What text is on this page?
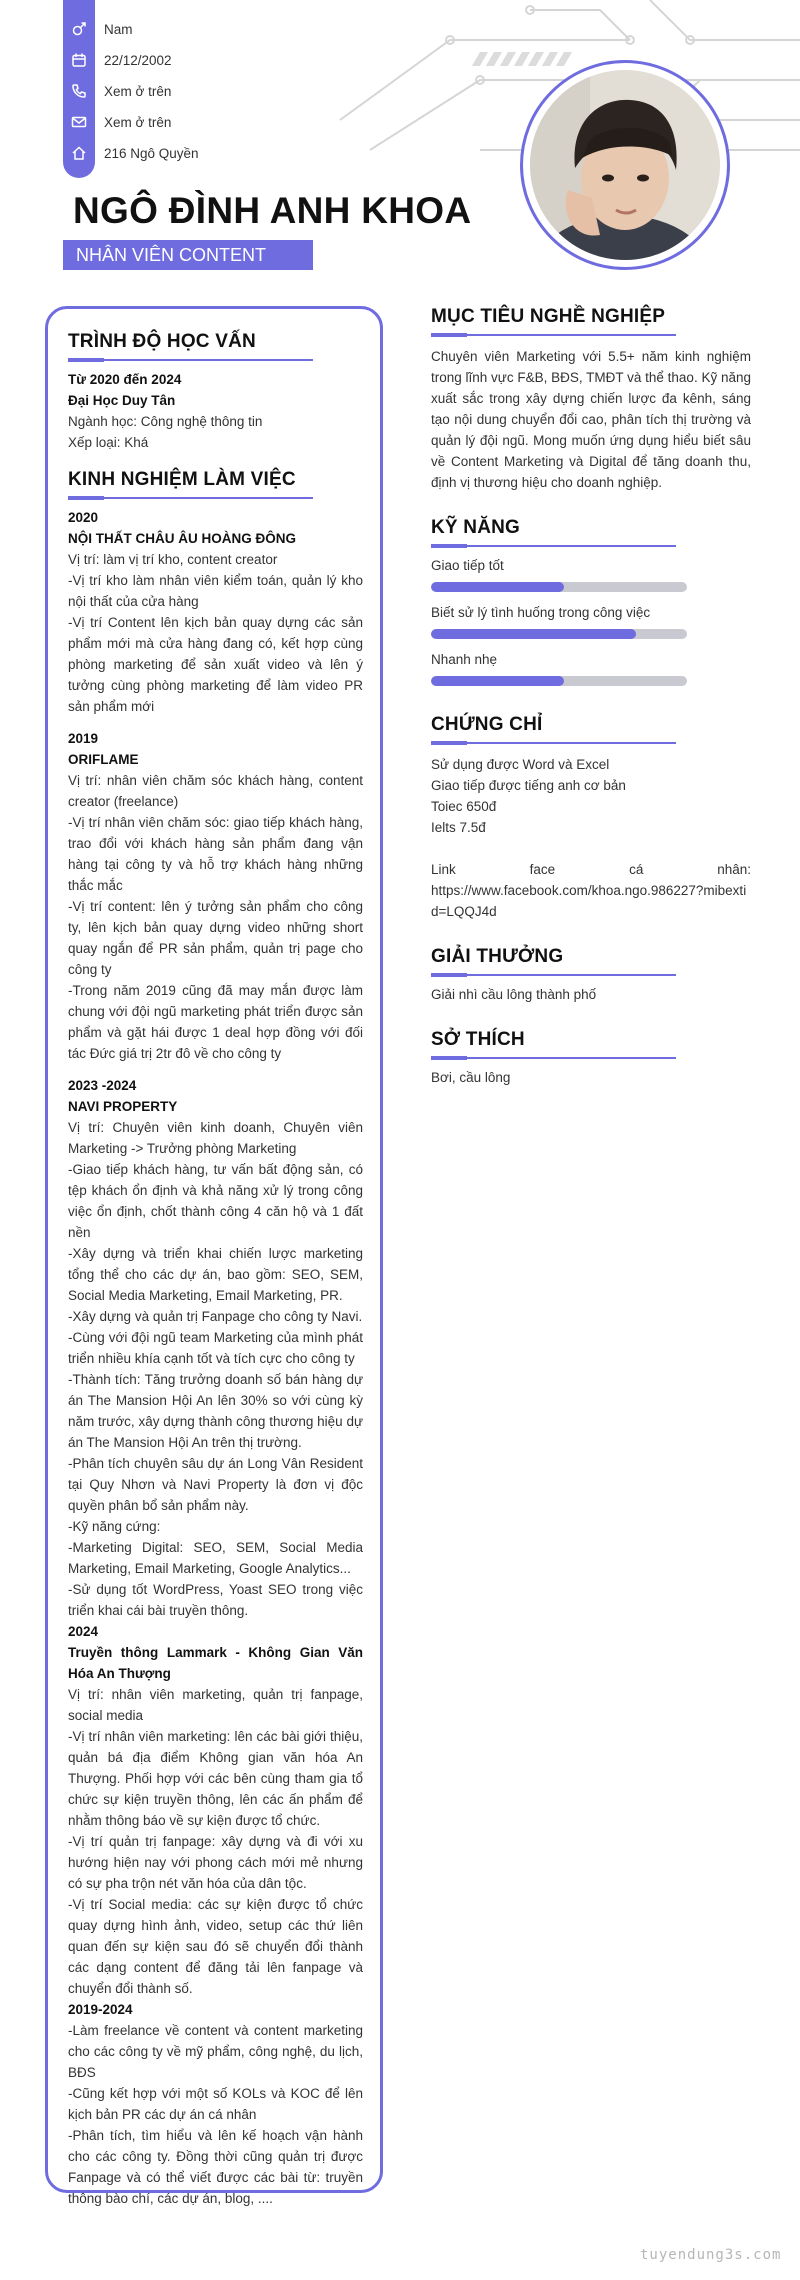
Nam
22/12/2002
Xem ở trên
Xem ở trên
216 Ngô Quyền
NGÔ ĐÌNH ANH KHOA
NHÂN VIÊN CONTENT
TRÌNH ĐỘ HỌC VẤN
Từ 2020 đến 2024
Đại Học Duy Tân
Ngành học: Công nghệ thông tin
Xếp loại: Khá
KINH NGHIỆM LÀM VIỆC
2020
NỘI THẤT CHÂU ÂU HOÀNG ĐÔNG
Vị trí: làm vị trí kho, content creator
-Vị trí kho làm nhân viên kiểm toán, quản lý kho nội thất của cửa hàng
-Vị trí Content lên kịch bản quay dựng các sản phẩm mới mà cửa hàng đang có, kết hợp cùng phòng marketing để sản xuất video và lên ý tưởng cùng phòng marketing để làm video PR sản phẩm mới
2019
ORIFLAME
Vị trí: nhân viên chăm sóc khách hàng, content creator (freelance)
-Vị trí nhân viên chăm sóc: giao tiếp khách hàng, trao đổi với khách hàng sản phẩm đang vận hàng tại công ty và hỗ trợ khách hàng những thắc mắc
-Vị trí content: lên ý tưởng sản phẩm cho công ty, lên kịch bản quay dựng video những short quay ngắn để PR sản phẩm, quản trị page cho công ty
-Trong năm 2019 cũng đã may mắn được làm chung với đội ngũ marketing phát triển được sản phẩm và gặt hái được 1 deal hợp đồng với đối tác Đức giá trị 2tr đô về cho công ty
2023 -2024
NAVI PROPERTY
Vị trí: Chuyên viên kinh doanh, Chuyên viên Marketing -> Trưởng phòng Marketing
-Giao tiếp khách hàng, tư vấn bất động sản, có tệp khách ổn định và khả năng xử lý trong công việc ổn định, chốt thành công 4 căn hộ và 1 đất nền
-Xây dựng và triển khai chiến lược marketing tổng thể cho các dự án, bao gồm: SEO, SEM, Social Media Marketing, Email Marketing, PR.
-Xây dựng và quản trị Fanpage cho công ty Navi.
-Cùng với đội ngũ team Marketing của mình phát triển nhiều khía cạnh tốt và tích cực cho công ty
-Thành tích: Tăng trưởng doanh số bán hàng dự án The Mansion Hội An lên 30% so với cùng kỳ năm trước, xây dựng thành công thương hiệu dự án The Mansion Hội An trên thị trường.
-Phân tích chuyên sâu dự án Long Vân Resident tại Quy Nhơn và Navi Property là đơn vị độc quyền phân bổ sản phẩm này.
-Kỹ năng cứng:
-Marketing Digital: SEO, SEM, Social Media Marketing, Email Marketing, Google Analytics...
-Sử dụng tốt WordPress, Yoast SEO trong việc triển khai cái bài truyền thông.
2024
Truyền thông Lammark - Không Gian Văn Hóa An Thượng
Vị trí: nhân viên marketing, quản trị fanpage, social media
-Vị trí nhân viên marketing: lên các bài giới thiệu, quản bá địa điểm Không gian văn hóa An Thượng. Phối hợp với các bên cùng tham gia tổ chức sự kiện truyền thông, lên các ấn phẩm để nhằm thông báo về sự kiện được tổ chức.
-Vị trí quản trị fanpage: xây dựng và đi với xu hướng hiện nay với phong cách mới mẻ nhưng có sự pha trộn nét văn hóa của dân tộc.
-Vị trí Social media: các sự kiện được tổ chức quay dựng hình ảnh, video, setup các thứ liên quan đến sự kiện sau đó sẽ chuyển đổi thành các dạng content để đăng tải lên fanpage và chuyển đổi thành số.
2019-2024
-Làm freelance về content và content marketing cho các công ty về mỹ phẩm, công nghệ, du lịch, BĐS
-Cũng kết hợp với một số KOLs và KOC để lên kịch bản PR các dự án cá nhân
-Phân tích, tìm hiểu và lên kế hoạch vận hành cho các công ty. Đồng thời cũng quản trị được Fanpage và có thể viết được các bài từ: truyền thông bào chí, các dự án, blog, ....
MỤC TIÊU NGHỀ NGHIỆP
Chuyên viên Marketing với 5.5+ năm kinh nghiệm trong lĩnh vực F&B, BĐS, TMĐT và thể thao. Kỹ năng xuất sắc trong xây dựng chiến lược đa kênh, sáng tạo nội dung chuyển đổi cao, phân tích thị trường và quản lý đội ngũ. Mong muốn ứng dụng hiểu biết sâu về Content Marketing và Digital để tăng doanh thu, định vị thương hiệu cho doanh nghiệp.
KỸ NĂNG
Giao tiếp tốt
Biết sử lý tình huống trong công việc
Nhanh nhẹ
CHỨNG CHỈ
Sử dụng được Word và Excel
Giao tiếp được tiếng anh cơ bản
Toiec 650đ
Ielts 7.5đ
Link face cá nhân:
https://www.facebook.com/khoa.ngo.986227?mibextid=LQQJ4d
GIẢI THƯỞNG
Giải nhì cầu lông thành phố
SỞ THÍCH
Bơi, cầu lông
tuyendung3s.com
